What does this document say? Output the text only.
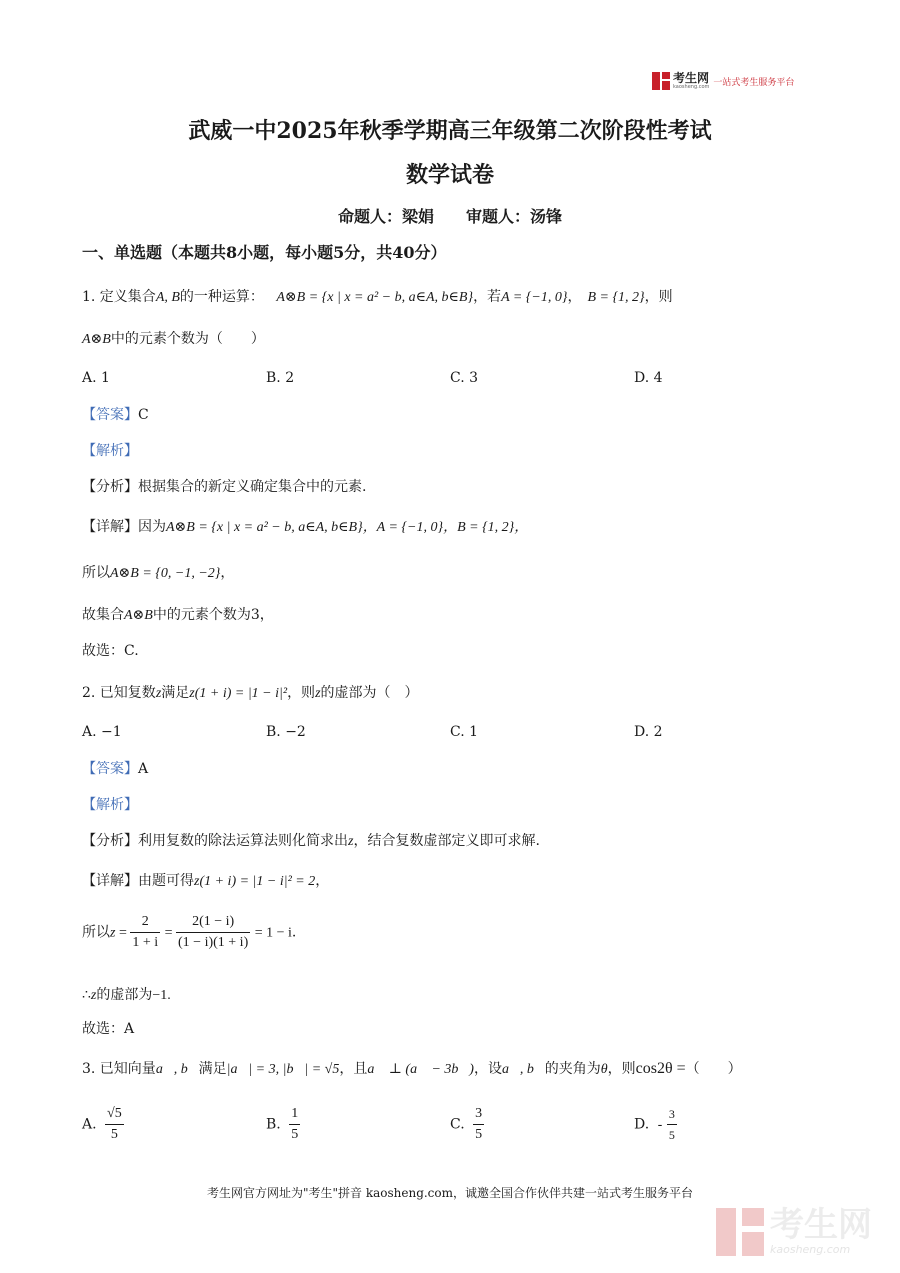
考生网
kaosheng.com 一站式考生服务平台
武威一中2025年秋季学期高三年级第二次阶段性考试
数学试卷
命题人：梁娟　　审题人：汤锋
一、单选题（本题共8小题，每小题5分，共40分）
1. 定义集合A, B的一种运算： A⊗B = {x | x = a² − b, a∈A, b∈B}，若A = {−1, 0}， B = {1, 2}，则
A⊗B中的元素个数为（　　）
A. 1	B. 2	C. 3	D. 4
【答案】C
【解析】
【分析】根据集合的新定义确定集合中的元素.
【详解】因为A⊗B = {x | x = a² − b, a∈A, b∈B}，A = {−1, 0}，B = {1, 2}，
所以A⊗B = {0, −1, −2}，
故集合A⊗B中的元素个数为3，
故选：C.
2. 已知复数z满足z(1 + i) = |1 − i|²，则z的虚部为（　）
A. −1	B. −2	C. 1	D. 2
【答案】A
【解析】
【分析】利用复数的除法运算法则化简求出z，结合复数虚部定义即可求解.
【详解】由题可得z(1 + i) = |1 − i|² = 2，
所以$z = \frac{2}{1 + i} = \frac{2(1 - i)}{(1 - i)(1 + i)} = 1 - i$.
∴z的虚部为−1.
故选：A
3. 已知向量a⃗, b⃗满足|a⃗| = 3, |b⃗| = √5，且a⃗ ⊥ (a⃗ − 3b⃗)，设a⃗, b⃗的夹角为θ，则cos2θ =（　　）
A. $\frac{√5}{5}$	B. $\frac{1}{5}$	C. $\frac{3}{5}$	D. - $\frac{3}{5}$
考生网官方网址为"考生"拼音 kaosheng.com，诚邀全国合作伙伴共建一站式考生服务平台
考生网
kaosheng.com
